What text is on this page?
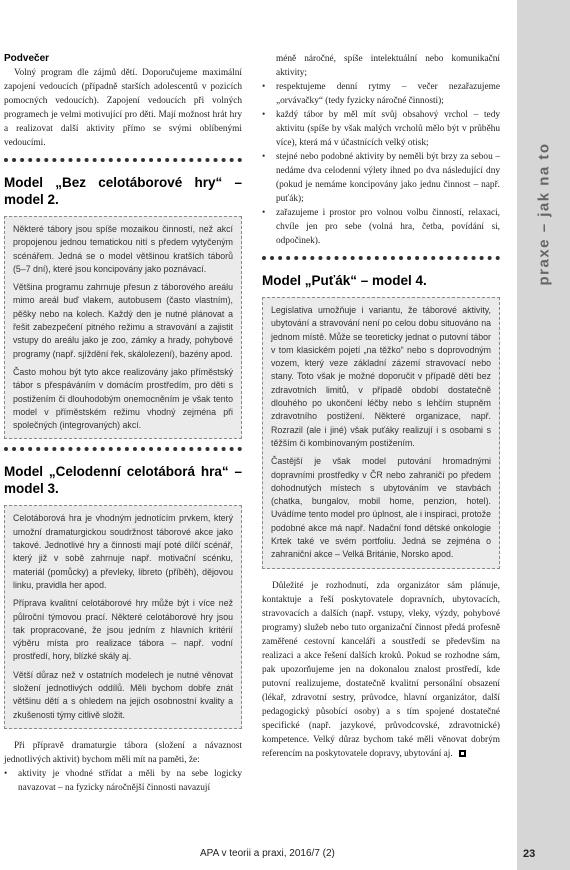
praxe – jak na to
Podvečer

Volný program dle zájmů dětí. Doporučujeme maximální zapojení vedoucích (případně starších adolescentů v pozicích pomocných vedoucích). Zapojení vedoucích při volných programech je velmi motivující pro děti. Mají možnost hrát hry a realizovat další aktivity přímo se svými oblíbenými vedoucími.

Model „Bez celotáborové hry“ – model 2.

Některé tábory jsou spíše mozaikou činností, než akcí propojenou jednou tematickou nití s předem vytyčeným scénářem. Jedná se o model většinou kratších táborů (5–7 dní), které jsou koncipovány jako poznávací.

Většina programu zahrnuje přesun z táborového areálu mimo areál buď vlakem, autobusem (často vlastním), pěšky nebo na kolech. Každý den je nutné plánovat a řešit zabezpečení pitného režimu a stravování a zajistit vstupy do areálu jako je zoo, zámky a hrady, pohybové programy (např. sjíždění řek, skálolezení), bazény apod.

Často mohou být tyto akce realizovány jako příměstský tábor s přespáváním v domácím prostředím, pro děti s postižením či dlouhodobým onemocněním je však tento model v příměstském režimu vhodný zejména při společných (integrovaných) akcí.

Model „Celodenní celotáborá hra“ – model 3.

Celotáborová hra je vhodným jednotícím prvkem, který umožní dramaturgickou soudržnost táborové akce jako takové. Jednotlivé hry a činnosti mají poté dílčí scénář, který již v sobě zahrnuje např. motivační scénku, materiál (pomůcky) a převleky, libreto (příběh), dějovou linku, pravidla her apod.

Příprava kvalitní celotáborové hry může být i více než půlroční týmovou prací. Některé celotáborové hry jsou tak propracované, že jsou jedním z hlavních kritérií výběru místa pro realizace tábora – např. vodní prostředí, hory, blízké skály aj.

Větší důraz než v ostatních modelech je nutné věnovat složení jednotlivých oddílů. Měli bychom dobře znát většinu dětí a s ohledem na jejich osobnostní kvality a zkušenosti týmy citlivě složit.

Při přípravě dramaturgie tábora (složení a návaznost jednotlivých aktivit) bychom měli mít na paměti, že:

• aktivity je vhodné střídat a měli by na sebe logicky navazovat – na fyzicky náročnější činnosti navazují

méně náročné, spíše intelektuální nebo komunikační aktivity;

• respektujeme denní rytmy – večer nezařazujeme „orvávačky“ (tedy fyzicky náročné činnosti);
• každý tábor by měl mít svůj obsahový vrchol – tedy aktivitu (spíše by však malých vrcholů mělo být v průběhu více), která má v účastnících velký otisk;
• stejné nebo podobné aktivity by neměli být brzy za sebou – nedáme dva celodenní výlety ihned po dva následující dny (pokud je nemáme koncipovány jako jednu činnost – např. puťák);
• zařazujeme i prostor pro volnou volbu činností, relaxaci, chvíle jen pro sebe (volná hra, četba, povídání si, odpočinek).
Model „Puťák“ – model 4.

Legislativa umožňuje i variantu, že táborové aktivity, ubytování a stravování není po celou dobu situováno na jednom místě. Může se teoreticky jednat o putovní tábor v tom klasickém pojetí „na těžko“ nebo s doprovodným vozem, který veze základní zázemí stravovací nebo stany. Toto však je možné doporučit v případě dětí bez zdravotních limitů, v případě období dostatečně dlouhého po ukončení léčby nebo s lehčím stupněm zdravotního postižení. Některé organizace, např. Rozrazil (ale i jiné) však puťáky realizují i s osobami s těžším či kombinovaným postižením.

Častější je však model putování hromadnými dopravními prostředky v ČR nebo zahraničí po předem dohodnutých místech s ubytováním ve stavbách (chatka, bungalov, mobil home, penzion, hotel). Uvádíme tento model pro úplnost, ale i inspiraci, protože podobné akce má např. Nadační fond dětské onkologie Krtek také ve svém portfoliu. Jedná se zejména o zahraniční akce – Velká Británie, Norsko apod.

Důležité je rozhodnutí, zda organizátor sám plánuje, kontaktuje a řeší poskytovatele dopravních, ubytovacích, stravovacích a dalších (např. vstupy, vleky, výzdy, pohybové programy) služeb nebo tuto organizační činnost předá profesně zaměřené cestovní kanceláři a soustředí se především na realizaci a akce řešení dalších kroků. Pokud se rozhodne sám, pak upozorňujeme jen na dokonalou znalost prostředí, kde putovní realizujeme, dostatečně kvalitní personální obsazení (lékař, zdravotní sestry, průvodce, hlavní organizátor, další pedagogický působící osoby) a s tím spojené dostatečné specifické (např. jazykové, průvodcovské, zdravotnické) kompetence. Velký důraz bychom také měli věnovat dobrým referencím na poskytovatele dopravy, ubytování aj.

APA v teorii a praxi, 2016/7 (2)	23
